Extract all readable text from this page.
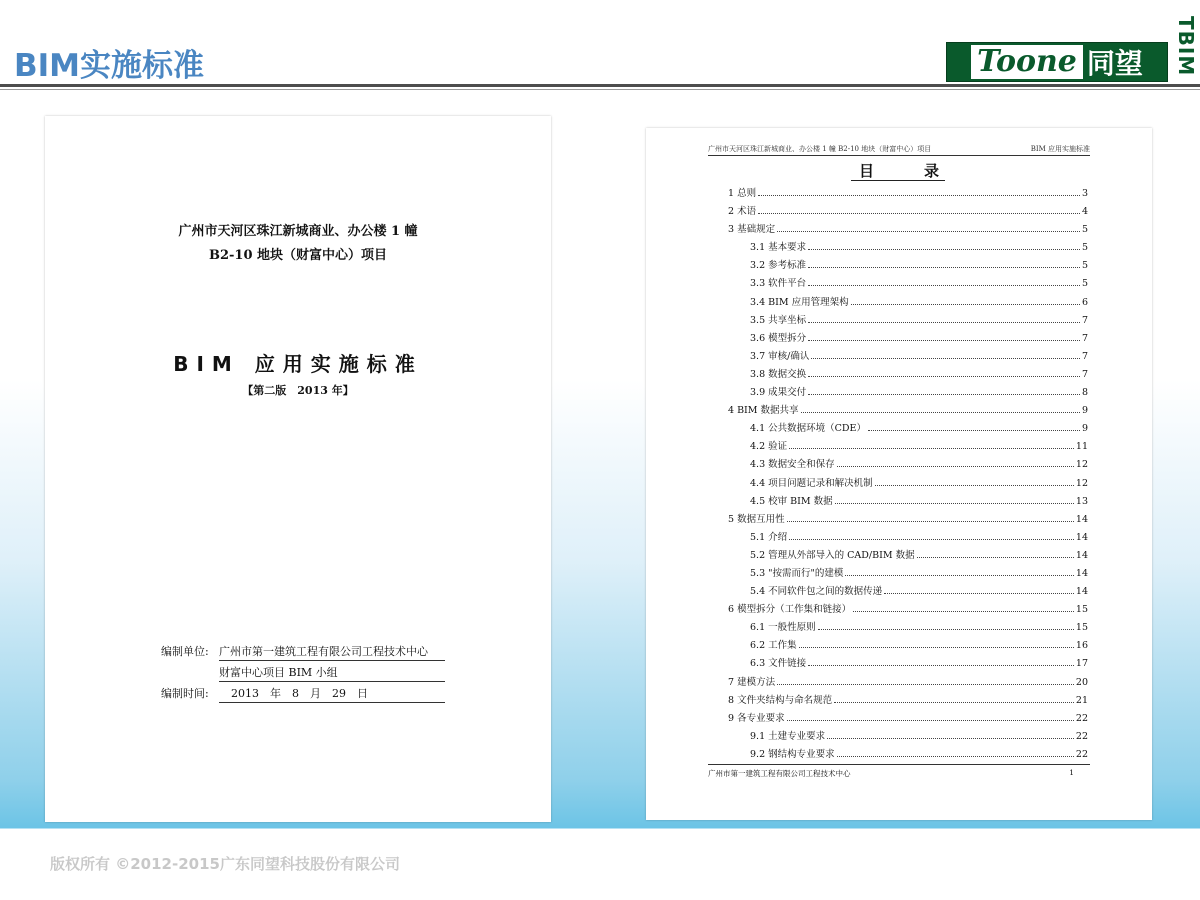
BIM实施标准	Toone 同望	TBIM
广州市天河区珠江新城商业、办公楼 1 幢
B2-10 地块（财富中心）项目
BIM 应用实施标准
【第二版　2013 年】
编制单位: 广州市第一建筑工程有限公司工程技术中心
财富中心项目 BIM 小组
编制时间:	2013　年　8　月　29　日
广州市天河区珠江新城商业、办公楼 1 幢 B2-10 地块（财富中心）项目	BIM 应用实施标准
目录
1 总则	3
2 术语	4
3 基础规定	5
3.1 基本要求	5
3.2 参考标准	5
3.3 软件平台	5
3.4 BIM 应用管理架构	6
3.5 共享坐标	7
3.6 模型拆分	7
3.7 审核/确认	7
3.8 数据交换	7
3.9 成果交付	8
4 BIM 数据共享	9
4.1 公共数据环境（CDE）	9
4.2 验证	11
4.3 数据安全和保存	12
4.4 项目问题记录和解决机制	12
4.5 校审 BIM 数据	13
5 数据互用性	14
5.1 介绍	14
5.2 管理从外部导入的 CAD/BIM 数据	14
5.3 "按需而行"的建模	14
5.4 不同软件包之间的数据传递	14
6 模型拆分（工作集和链接）	15
6.1 一般性原则	15
6.2 工作集	16
6.3 文件链接	17
7 建模方法	20
8 文件夹结构与命名规范	21
9 各专业要求	22
9.1 土建专业要求	22
9.2 钢结构专业要求	22
广州市第一建筑工程有限公司工程技术中心	1
版权所有 ©2012-2015广东同望科技股份有限公司
